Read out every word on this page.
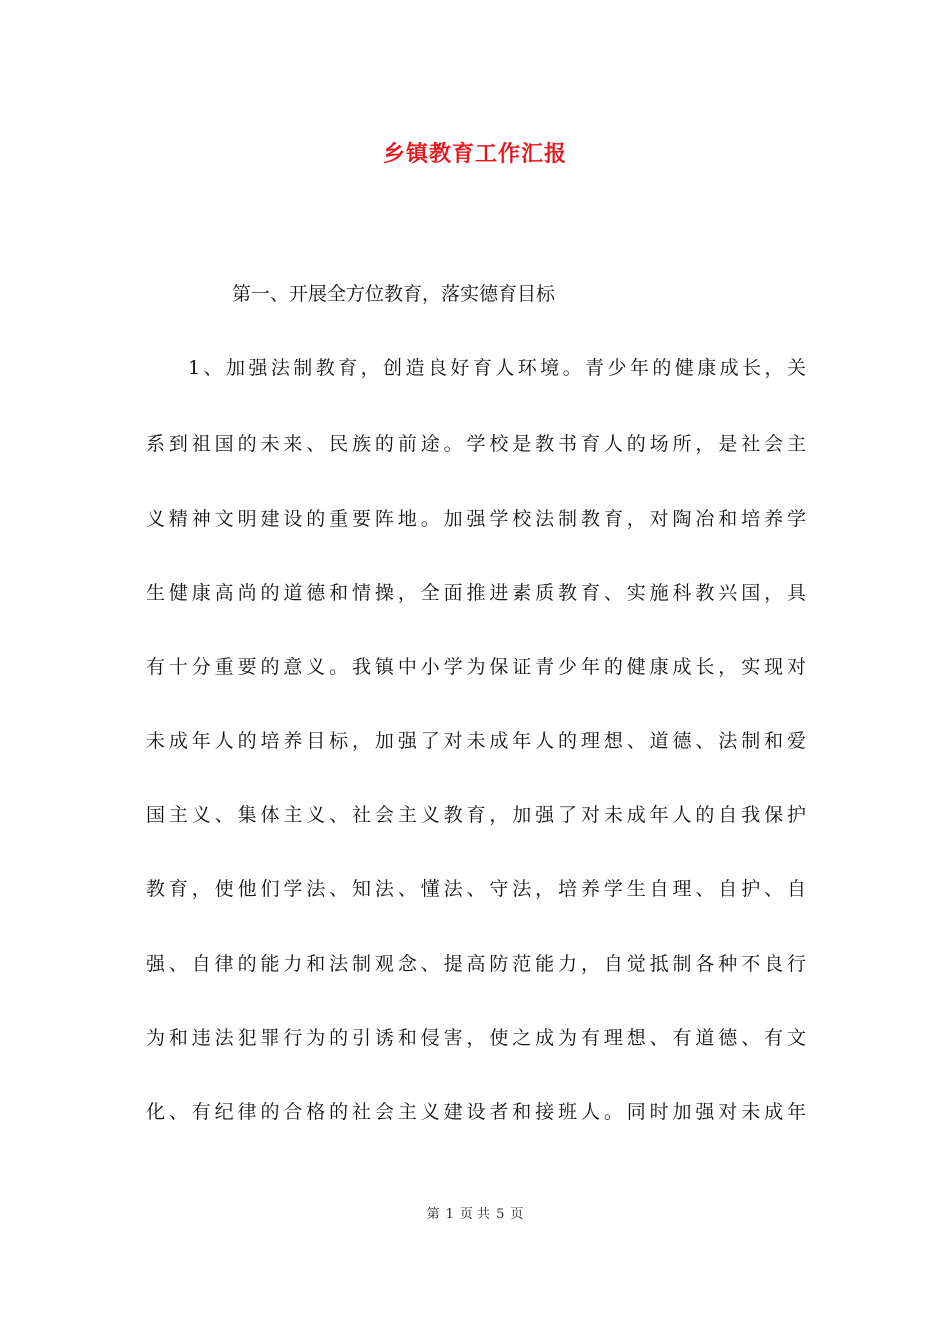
乡镇教育工作汇报
第一、开展全方位教育，落实德育目标
1、加强法制教育，创造良好育人环境。青少年的健康成长，关
系到祖国的未来、民族的前途。学校是教书育人的场所，是社会主
义精神文明建设的重要阵地。加强学校法制教育，对陶冶和培养学
生健康高尚的道德和情操，全面推进素质教育、实施科教兴国，具
有十分重要的意义。我镇中小学为保证青少年的健康成长，实现对
未成年人的培养目标，加强了对未成年人的理想、道德、法制和爱
国主义、集体主义、社会主义教育，加强了对未成年人的自我保护
教育，使他们学法、知法、懂法、守法，培养学生自理、自护、自
强、自律的能力和法制观念、提高防范能力，自觉抵制各种不良行
为和违法犯罪行为的引诱和侵害，使之成为有理想、有道德、有文
化、有纪律的合格的社会主义建设者和接班人。同时加强对未成年
第 1 页 共 5 页
